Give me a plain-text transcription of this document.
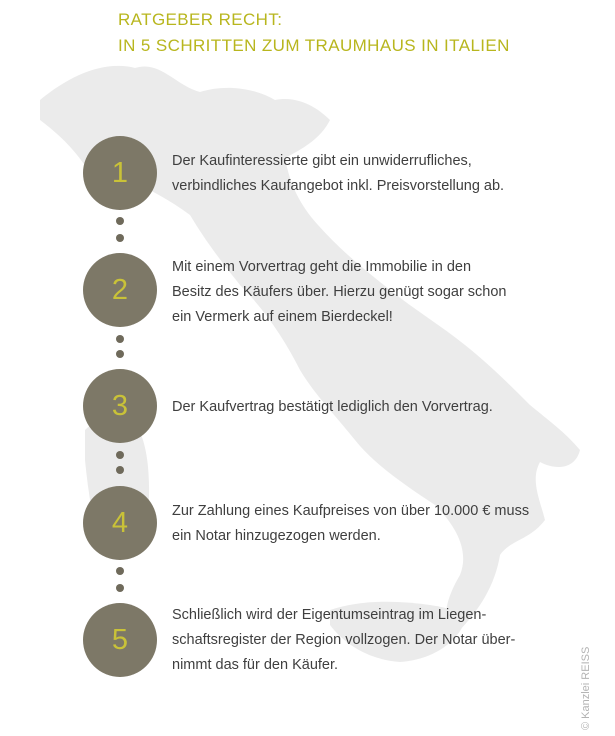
RATGEBER RECHT:
IN 5 SCHRITTEN ZUM TRAUMHAUS IN ITALIEN
1	Der Kaufinteressierte gibt ein unwiderrufliches,
verbindliches Kaufangebot inkl. Preisvorstellung ab.
2
Mit einem Vorvertrag geht die Immobilie in den
Besitz des Käufers über. Hierzu genügt sogar schon
ein Vermerk auf einem Bierdeckel!
3	Der Kaufvertrag bestätigt lediglich den Vorvertrag.
4	Zur Zahlung eines Kaufpreises von über 10.000 € muss
ein Notar hinzugezogen werden.
5
Schließlich wird der Eigentumseintrag im Liegen-
schaftsregister der Region vollzogen. Der Notar über-
nimmt das für den Käufer.	© Kanzlei REISS
